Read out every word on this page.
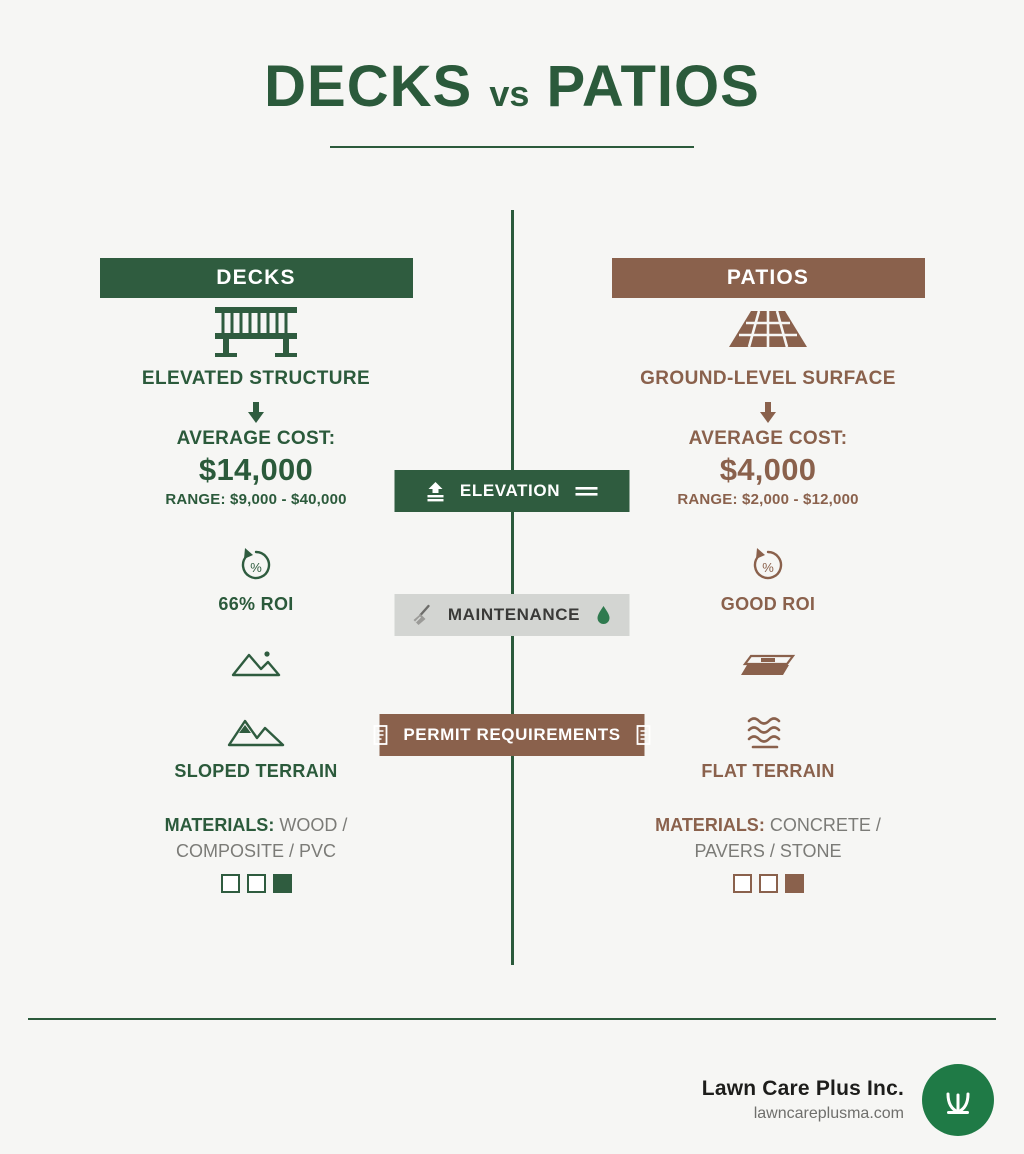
DECKS vs PATIOS
DECKS
ELEVATED STRUCTURE
AVERAGE COST:
$14,000
RANGE: $9,000 - $40,000
%
66% ROI
SLOPED TERRAIN
MATERIALS: WOOD / COMPOSITE / PVC
PATIOS
GROUND-LEVEL SURFACE
AVERAGE COST:
$4,000
RANGE: $2,000 - $12,000
%
GOOD ROI
FLAT TERRAIN
MATERIALS: CONCRETE / PAVERS / STONE
ELEVATION
MAINTENANCE
PERMIT REQUIREMENTS
Lawn Care Plus Inc.
lawncareplusma.com
